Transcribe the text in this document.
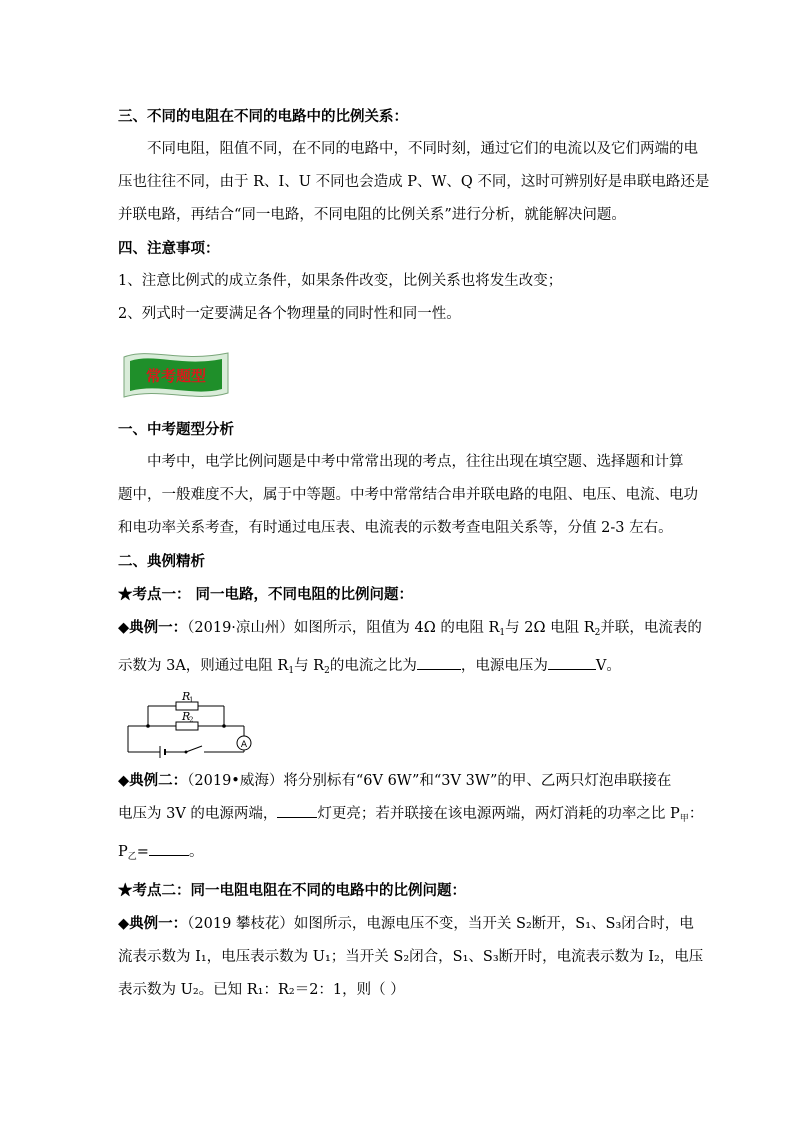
三、不同的电阻在不同的电路中的比例关系：
不同电阻，阻值不同，在不同的电路中，不同时刻，通过它们的电流以及它们两端的电
压也往往不同，由于 R、I、U 不同也会造成 P、W、Q 不同，这时可辨别好是串联电路还是
并联电路，再结合“同一电路，不同电阻的比例关系”进行分析，就能解决问题。
四、注意事项：
1、注意比例式的成立条件，如果条件改变，比例关系也将发生改变；
2、列式时一定要满足各个物理量的同时性和同一性。
常考题型
一、中考题型分析
中考中，电学比例问题是中考中常常出现的考点，往往出现在填空题、选择题和计算
题中，一般难度不大，属于中等题。中考中常常结合串并联电路的电阻、电压、电流、电功
和电功率关系考查，有时通过电压表、电流表的示数考查电阻关系等，分值 2-3 左右。
二、典例精析
★考点一： 同一电路，不同电阻的比例问题：
◆典例一：（2019·凉山州）如图所示，阻值为 4Ω 的电阻 $R_1$与 2Ω 电阻 $R_2$并联，电流表的
示数为 3A，则通过电阻 $R_1$与 $R_2$的电流之比为	，电源电压为	V。
R
1
R
2
A
◆典例二：（2019•威海）将分别标有“6V 6W”和“3V 3W”的甲、乙两只灯泡串联接在
电压为 3V 的电源两端，	灯更亮；若并联接在该电源两端，两灯消耗的功率之比 $P_甲$：
$P_乙=$	。
★考点二：同一电阻电阻在不同的电路中的比例问题：
◆典例一：（2019 攀枝花）如图所示，电源电压不变，当开关 S₂断开，S₁、S₃闭合时，电
流表示数为 I₁，电压表示数为 U₁；当开关 S₂闭合，S₁、S₃断开时，电流表示数为 I₂，电压
表示数为 U₂。已知 R₁：R₂＝2：1，则（ ）
